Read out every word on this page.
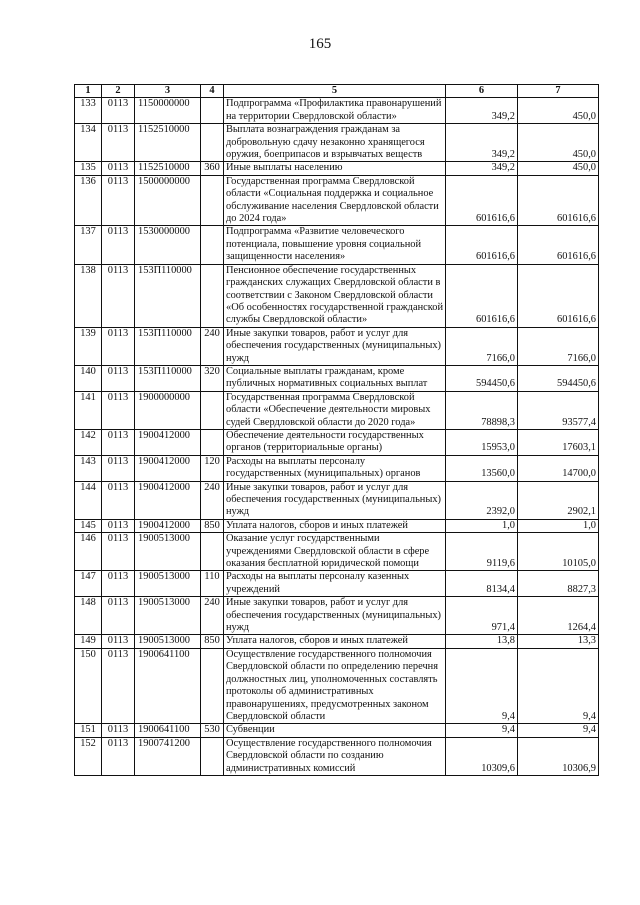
165
1	2	3	4	5	6	7
133	0113	1150000000		Подпрограмма «Профилактика правонарушений на территории Свердловской области»	349,2	450,0
134	0113	1152510000		Выплата вознаграждения гражданам за добровольную сдачу незаконно хранящегося оружия, боеприпасов и взрывчатых веществ	349,2	450,0
135	0113	1152510000	360	Иные выплаты населению	349,2	450,0
136	0113	1500000000		Государственная программа Свердловской области «Социальная поддержка и социальное обслуживание населения Свердловской области до 2024 года»	601616,6	601616,6
137	0113	1530000000		Подпрограмма «Развитие человеческого потенциала, повышение уровня социальной защищенности населения»	601616,6	601616,6
138	0113	153П110000		Пенсионное обеспечение государственных гражданских служащих Свердловской области в соответствии с Законом Свердловской области «Об особенностях государственной гражданской службы Свердловской области»	601616,6	601616,6
139	0113	153П110000	240	Иные закупки товаров, работ и услуг для обеспечения государственных (муниципальных) нужд	7166,0	7166,0
140	0113	153П110000	320	Социальные выплаты гражданам, кроме публичных нормативных социальных выплат	594450,6	594450,6
141	0113	1900000000		Государственная программа Свердловской области «Обеспечение деятельности мировых судей Свердловской области до 2020 года»	78898,3	93577,4
142	0113	1900412000		Обеспечение деятельности государственных органов (территориальные органы)	15953,0	17603,1
143	0113	1900412000	120	Расходы на выплаты персоналу государственных (муниципальных) органов	13560,0	14700,0
144	0113	1900412000	240	Иные закупки товаров, работ и услуг для обеспечения государственных (муниципальных) нужд	2392,0	2902,1
145	0113	1900412000	850	Уплата налогов, сборов и иных платежей	1,0	1,0
146	0113	1900513000		Оказание услуг государственными учреждениями Свердловской области в сфере оказания бесплатной юридической помощи	9119,6	10105,0
147	0113	1900513000	110	Расходы на выплаты персоналу казенных учреждений	8134,4	8827,3
148	0113	1900513000	240	Иные закупки товаров, работ и услуг для обеспечения государственных (муниципальных) нужд	971,4	1264,4
149	0113	1900513000	850	Уплата налогов, сборов и иных платежей	13,8	13,3
150	0113	1900641100		Осуществление государственного полномочия Свердловской области по определению перечня должностных лиц, уполномоченных составлять протоколы об административных правонарушениях, предусмотренных законом Свердловской области	9,4	9,4
151	0113	1900641100	530	Субвенции	9,4	9,4
152	0113	1900741200		Осуществление государственного полномочия Свердловской области по созданию административных комиссий	10309,6	10306,9
